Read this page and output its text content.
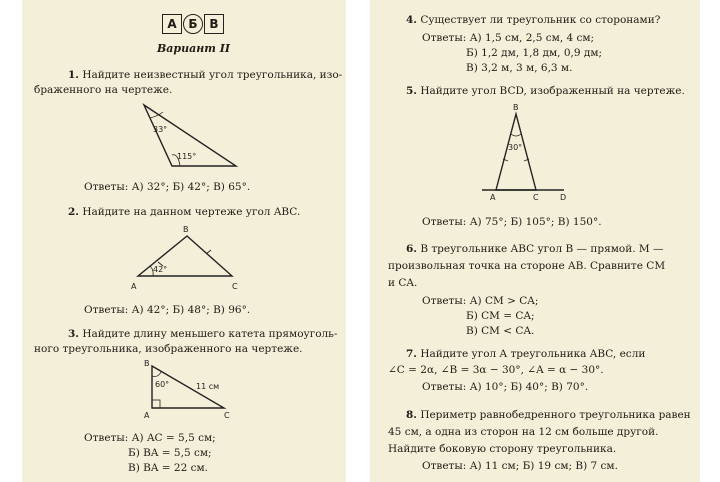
А Б В
Вариант II
1. Найдите неизвестный угол треугольника, изо-
браженного на чертеже.
33°
115°
Ответы: А) 32°; Б) 42°; В) 65°.
2. Найдите на данном чертеже угол ABC.
B
A	C
42°
Ответы: А) 42°; Б) 48°; В) 96°.
3. Найдите длину меньшего катета прямоуголь-
ного треугольника, изображенного на чертеже.
B
A	C
60°	11 см
Ответы: А) AC = 5,5 см;
Б) BA = 5,5 см;
В) BA = 22 см.
4. Существует ли треугольник со сторонами?
Ответы: А) 1,5 см, 2,5 см, 4 см;
Б) 1,2 дм, 1,8 дм, 0,9 дм;
В) 3,2 м, 3 м, 6,3 м.
5. Найдите угол BCD, изображенный на чертеже.
B
A	C	D
30°
Ответы: А) 75°; Б) 105°; В) 150°.
6. В треугольнике ABC угол B — прямой. M —
произвольная точка на стороне AB. Сравните CM
и CA.
Ответы: А) CM > CA;
Б) CM = CA;
В) CM < CA.
7. Найдите угол A треугольника ABC, если
∠C = 2α, ∠B = 3α − 30°, ∠A = α − 30°.
Ответы: А) 10°; Б) 40°; В) 70°.
8. Периметр равнобедренного треугольника равен
45 см, а одна из сторон на 12 см больше другой.
Найдите боковую сторону треугольника.
Ответы: А) 11 см; Б) 19 см; В) 7 см.
